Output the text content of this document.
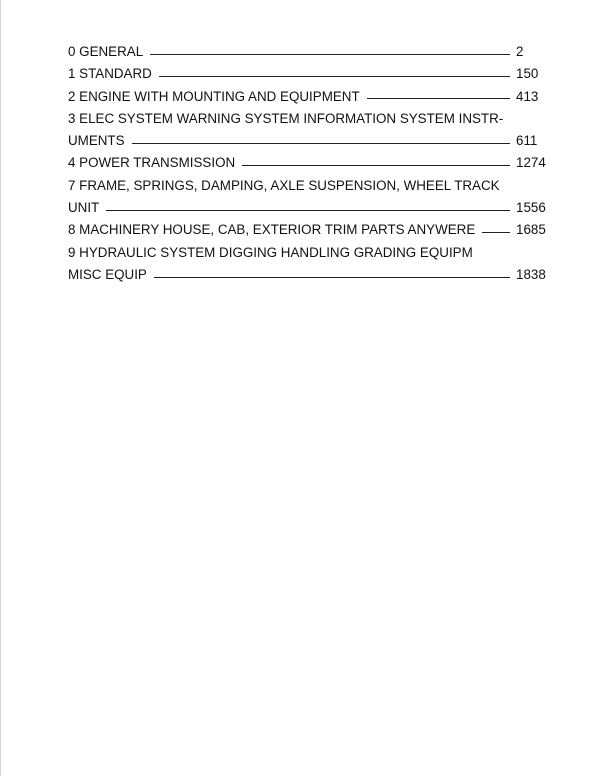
0 GENERAL	2
1 STANDARD	150
2 ENGINE WITH MOUNTING AND EQUIPMENT	413
3 ELEC SYSTEM WARNING SYSTEM INFORMATION SYSTEM INSTR-
UMENTS	611
4 POWER TRANSMISSION	1274
7 FRAME, SPRINGS, DAMPING, AXLE SUSPENSION, WHEEL TRACK
UNIT	1556
8 MACHINERY HOUSE, CAB, EXTERIOR TRIM PARTS ANYWERE	1685
9 HYDRAULIC SYSTEM DIGGING HANDLING GRADING EQUIPM
MISC EQUIP	1838
